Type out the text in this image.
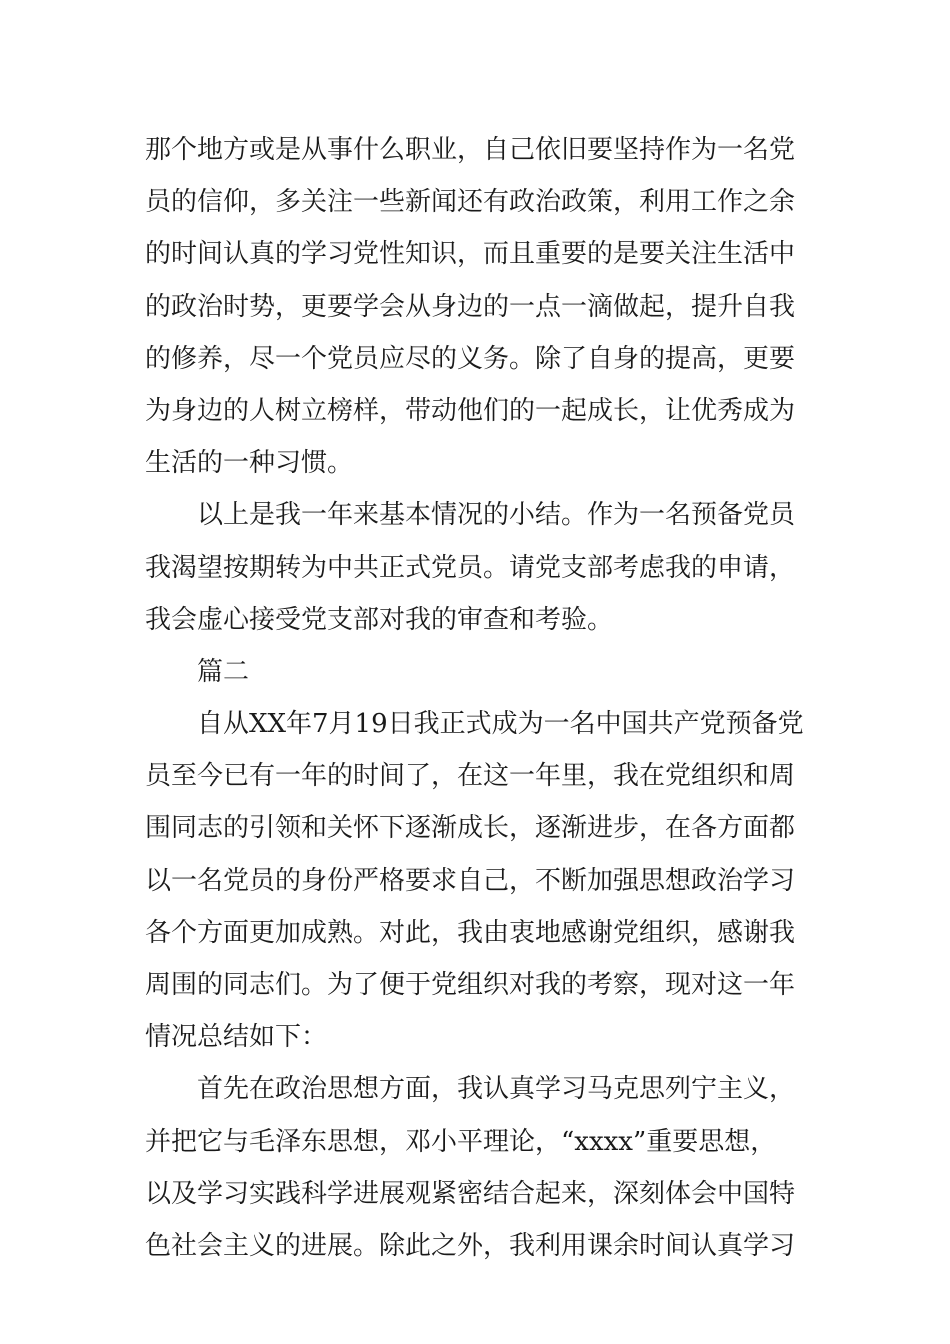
那个地方或是从事什么职业，自己依旧要坚持作为一名党
员的信仰，多关注一些新闻还有政治政策，利用工作之余
的时间认真的学习党性知识，而且重要的是要关注生活中
的政治时势，更要学会从身边的一点一滴做起，提升自我
的修养，尽一个党员应尽的义务。除了自身的提高，更要
为身边的人树立榜样，带动他们的一起成长，让优秀成为
生活的一种习惯。
以上是我一年来基本情况的小结。作为一名预备党员
我渴望按期转为中共正式党员。请党支部考虑我的申请，
我会虚心接受党支部对我的审查和考验。
篇二
自从XX年7月19日我正式成为一名中国共产党预备党
员至今已有一年的时间了，在这一年里，我在党组织和周
围同志的引领和关怀下逐渐成长，逐渐进步，在各方面都
以一名党员的身份严格要求自己，不断加强思想政治学习
各个方面更加成熟。对此，我由衷地感谢党组织，感谢我
周围的同志们。为了便于党组织对我的考察，现对这一年
情况总结如下：
首先在政治思想方面，我认真学习马克思列宁主义，
并把它与毛泽东思想，邓小平理论，“xxxx”重要思想，
以及学习实践科学进展观紧密结合起来，深刻体会中国特
色社会主义的进展。除此之外，我利用课余时间认真学习
